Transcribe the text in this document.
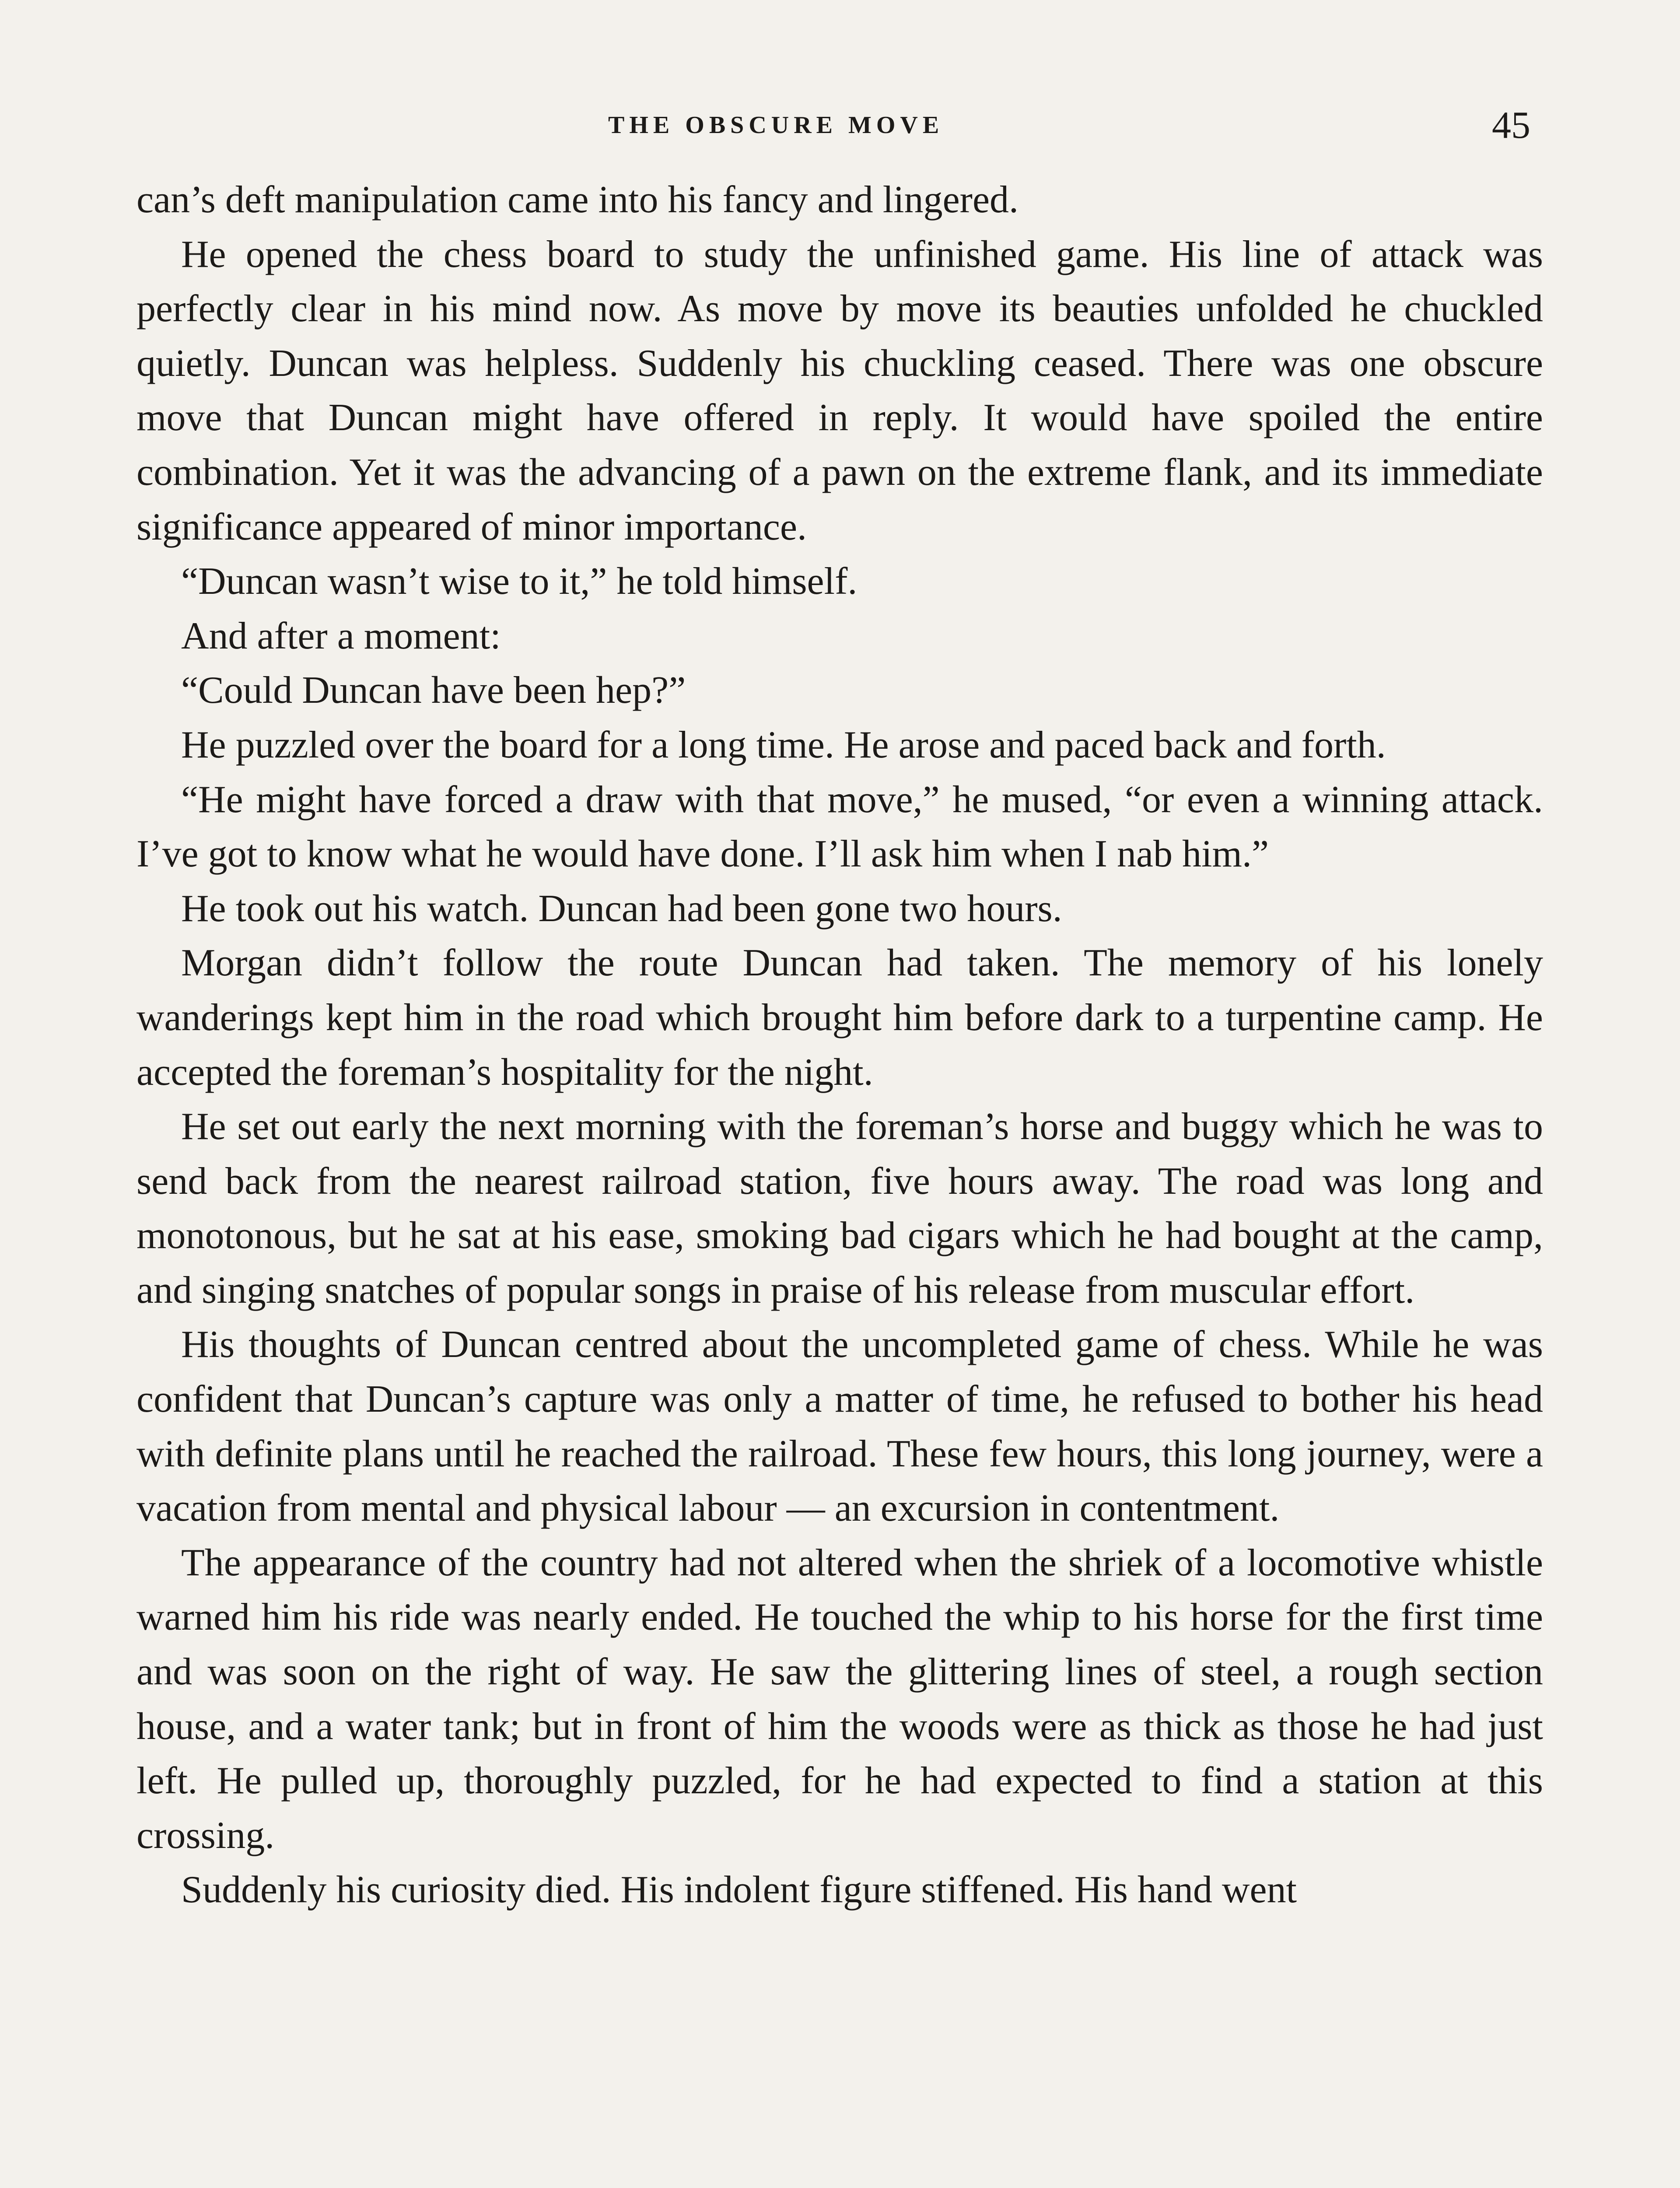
THE OBSCURE MOVE	45

can’s deft manipulation came into his fancy and lingered.

He opened the chess board to study the unfinished game. His line of attack was perfectly clear in his mind now. As move by move its beauties unfolded he chuckled quietly. Duncan was helpless. Suddenly his chuckling ceased. There was one obscure move that Duncan might have offered in reply. It would have spoiled the entire combination. Yet it was the advancing of a pawn on the extreme flank, and its immediate significance appeared of minor importance.

“Duncan wasn’t wise to it,” he told himself.

And after a moment:

“Could Duncan have been hep?”

He puzzled over the board for a long time. He arose and paced back and forth.

“He might have forced a draw with that move,” he mused, “or even a winning attack. I’ve got to know what he would have done. I’ll ask him when I nab him.”

He took out his watch. Duncan had been gone two hours.

Morgan didn’t follow the route Duncan had taken. The memory of his lonely wanderings kept him in the road which brought him before dark to a turpentine camp. He accepted the foreman’s hospitality for the night.

He set out early the next morning with the foreman’s horse and buggy which he was to send back from the nearest railroad station, five hours away. The road was long and monotonous, but he sat at his ease, smoking bad cigars which he had bought at the camp, and singing snatches of popular songs in praise of his release from muscular effort.

His thoughts of Duncan centred about the uncompleted game of chess. While he was confident that Duncan’s capture was only a matter of time, he refused to bother his head with definite plans until he reached the railroad. These few hours, this long journey, were a vacation from mental and physical labour — an excursion in contentment.

The appearance of the country had not altered when the shriek of a locomotive whistle warned him his ride was nearly ended. He touched the whip to his horse for the first time and was soon on the right of way. He saw the glittering lines of steel, a rough section house, and a water tank; but in front of him the woods were as thick as those he had just left. He pulled up, thoroughly puzzled, for he had expected to find a station at this crossing.

Suddenly his curiosity died. His indolent figure stiffened. His hand went
